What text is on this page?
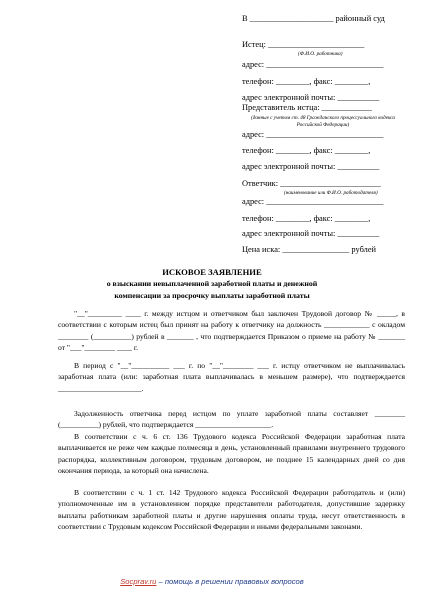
В ____________________ районный суд
Истец: _______________________
(Ф.И.О. работника)
адрес: ____________________________
телефон: ________, факс: ________,
адрес электронной почты: __________
Представитель истца: ____________
(данные с учетом ст. 48 Гражданского процессуального кодекса Российской Федерации)
адрес: ____________________________
телефон: ________, факс: ________,
адрес электронной почты: __________
Ответчик: ________________________
(наименование или Ф.И.О. работодателя)
адрес: ____________________________
телефон: ________, факс: ________,
адрес электронной почты: __________
Цена иска: ________________ рублей
ИСКОВОЕ ЗАЯВЛЕНИЕ
о взыскании невыплаченной заработной платы и денежной
компенсации за просрочку выплаты заработной платы
"__"_________ ____ г. между истцом и ответчиком был заключен Трудовой договор № _____, в соответствии с которым истец был принят на работу к ответчику на должность ____________ с окладом ________ (__________) рублей в _______ , что подтверждается Приказом о приеме на работу № _______ от "___"________ ____ г.
В период с "__"__________ ___ г. по "__"________ ___ г. истцу ответчиком не выплачивалась заработная плата (или: заработная плата выплачивалась в меньшем размере), что подтверждается ______________________.
Задолженность ответчика перед истцом по уплате заработной платы составляет ________ (__________) рублей, что подтверждается ____________________.
В соответствии с ч. 6 ст. 136 Трудового кодекса Российской Федерации заработная плата выплачивается не реже чем каждые полмесяца в день, установленный правилами внутреннего трудового распорядка, коллективным договором, трудовым договором, не позднее 15 календарных дней со дня окончания периода, за который она начислена.
В соответствии с ч. 1 ст. 142 Трудового кодекса Российской Федерации работодатель и (или) уполномоченные им в установленном порядке представители работодателя, допустившие задержку выплаты работникам заработной платы и другие нарушения оплаты труда, несут ответственность в соответствии с Трудовым кодексом Российской Федерации и иными федеральными законами.
Socprav.ru – помощь в решении правовых вопросов
